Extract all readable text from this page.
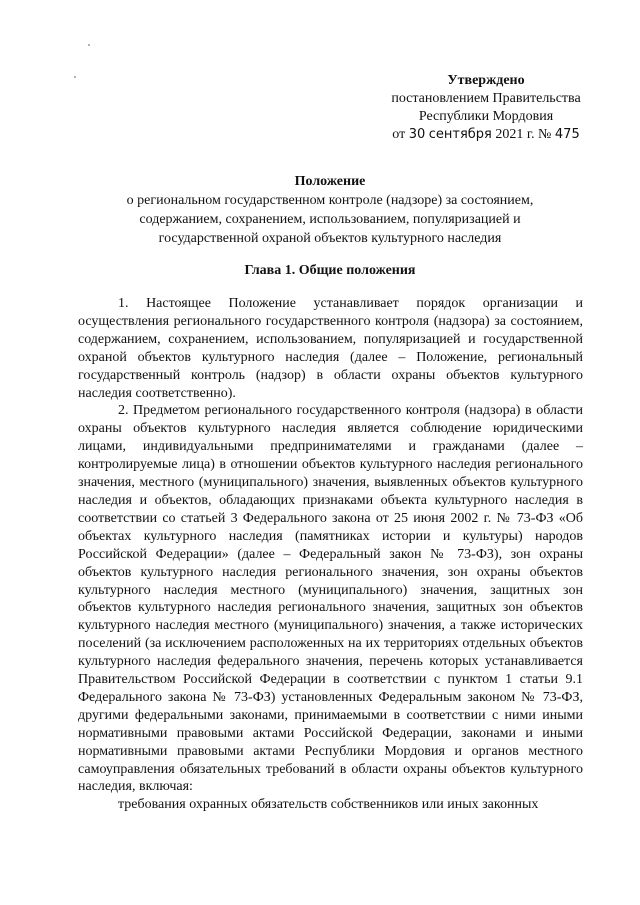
Утверждено
постановлением Правительства
Республики Мордовия
от 30 сентября 2021 г. № 475
Положение
о региональном государственном контроле (надзоре) за состоянием,
содержанием, сохранением, использованием, популяризацией и
государственной охраной объектов культурного наследия
Глава 1. Общие положения

1. Настоящее Положение устанавливает порядок организации и осуществления регионального государственного контроля (надзора) за состоянием, содержанием, сохранением, использованием, популяризацией и государственной охраной объектов культурного наследия (далее – Положение, региональный государственный контроль (надзор) в области охраны объектов культурного наследия соответственно).

2. Предметом регионального государственного контроля (надзора) в области охраны объектов культурного наследия является соблюдение юридическими лицами, индивидуальными предпринимателями и гражданами (далее – контролируемые лица) в отношении объектов культурного наследия регионального значения, местного (муниципального) значения, выявленных объектов культурного наследия и объектов, обладающих признаками объекта культурного наследия в соответствии со статьей 3 Федерального закона от 25 июня 2002 г. № 73-ФЗ «Об объектах культурного наследия (памятниках истории и культуры) народов Российской Федерации» (далее – Федеральный закон № 73-ФЗ), зон охраны объектов культурного наследия регионального значения, зон охраны объектов культурного наследия местного (муниципального) значения, защитных зон объектов культурного наследия регионального значения, защитных зон объектов культурного наследия местного (муниципального) значения, а также исторических поселений (за исключением расположенных на их территориях отдельных объектов культурного наследия федерального значения, перечень которых устанавливается Правительством Российской Федерации в соответствии с пунктом 1 статьи 9.1 Федерального закона № 73-ФЗ) установленных Федеральным законом № 73-ФЗ, другими федеральными законами, принимаемыми в соответствии с ними иными нормативными правовыми актами Российской Федерации, законами и иными нормативными правовыми актами Республики Мордовия и органов местного самоуправления обязательных требований в области охраны объектов культурного наследия, включая:

требования охранных обязательств собственников или иных законных
